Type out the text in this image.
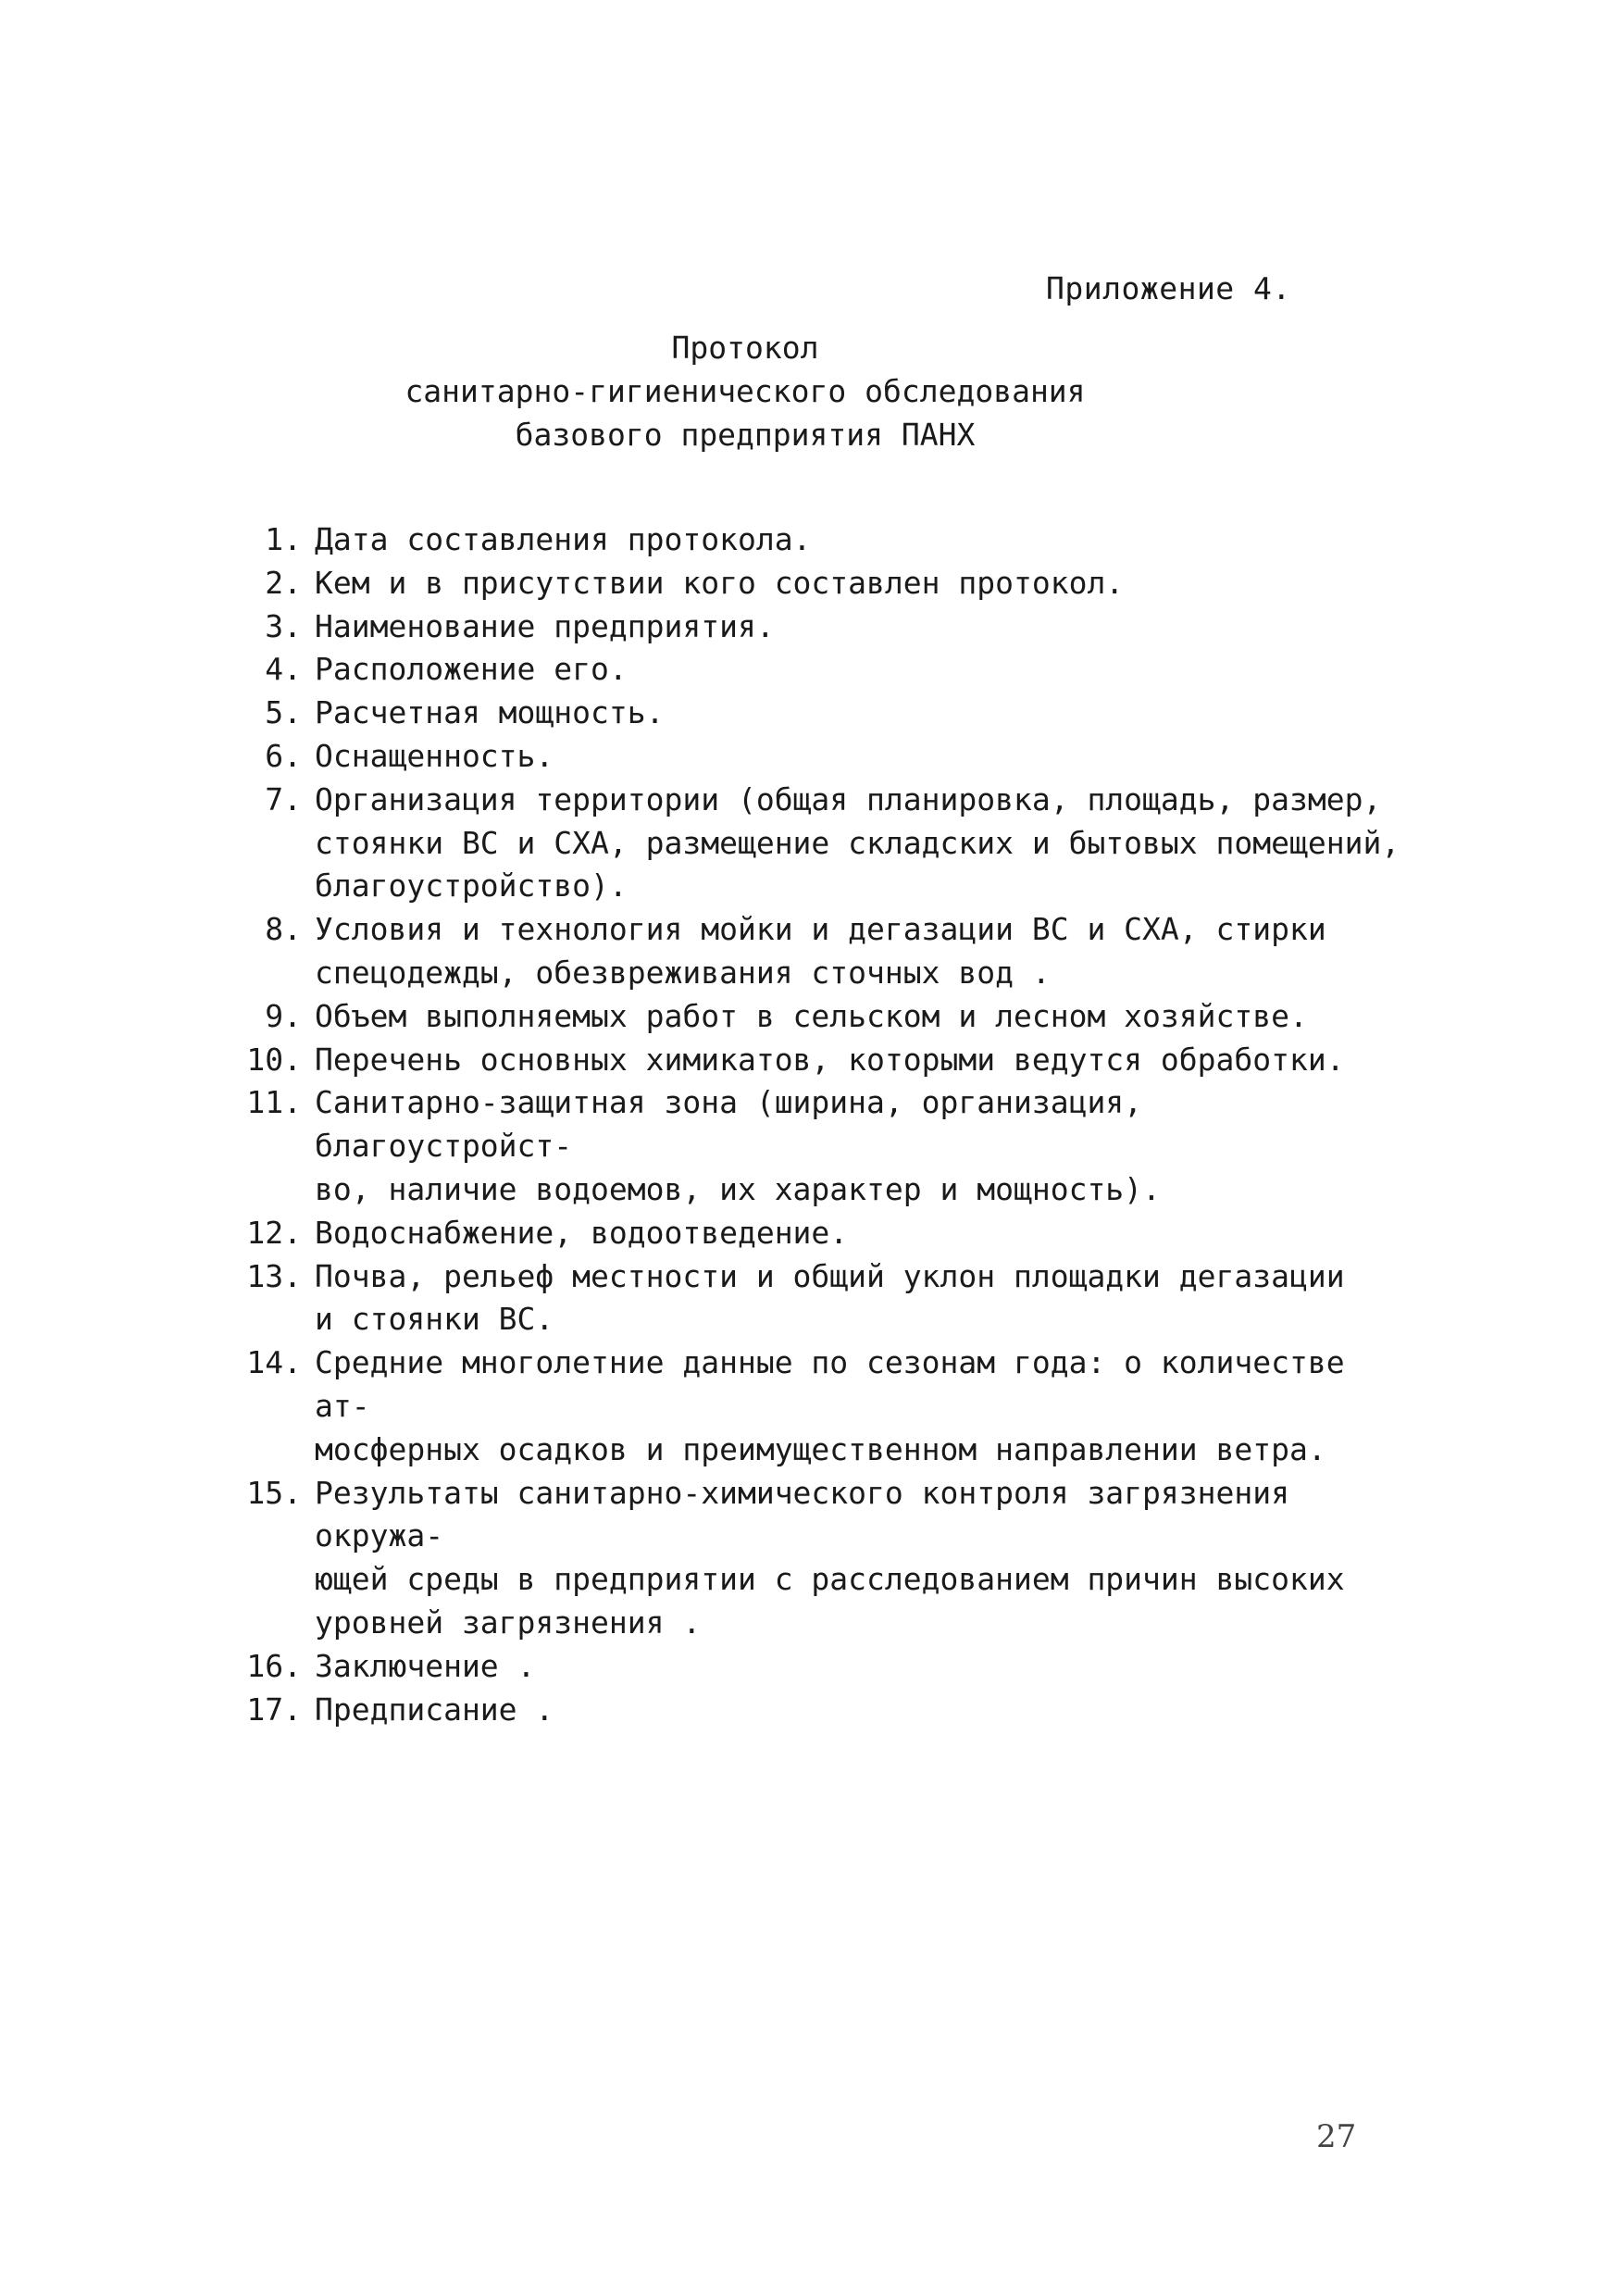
Приложение 4.
Протокол
санитарно-гигиенического обследования
базового предприятия ПАНХ
1. Дата составления протокола.
2. Кем и в присутствии кого составлен протокол.
3. Наименование предприятия.
4. Расположение его.
5. Расчетная мощность.
6. Оснащенность.
7. Организация территории (общая планировка, площадь, размер,
стоянки ВС и СХА, размещение складских и бытовых помещений,
благоустройство).
8. Условия и технология мойки и дегазации ВС и СХА, стирки
спецодежды, обезвреживания сточных вод .
9. Объем выполняемых работ в сельском и лесном хозяйстве.
10. Перечень основных химикатов, которыми ведутся обработки.
11. Санитарно-защитная зона (ширина, организация, благоустройст-
во, наличие водоемов, их характер и мощность).
12. Водоснабжение, водоотведение.
13. Почва, рельеф местности и общий уклон площадки дегазации
и стоянки ВС.
14. Средние многолетние данные по сезонам года: о количестве ат-
мосферных осадков и преимущественном направлении ветра.
15. Результаты санитарно-химического контроля загрязнения окружа-
ющей среды в предприятии с расследованием причин высоких
уровней загрязнения .
16. Заключение .
17. Предписание .
27
